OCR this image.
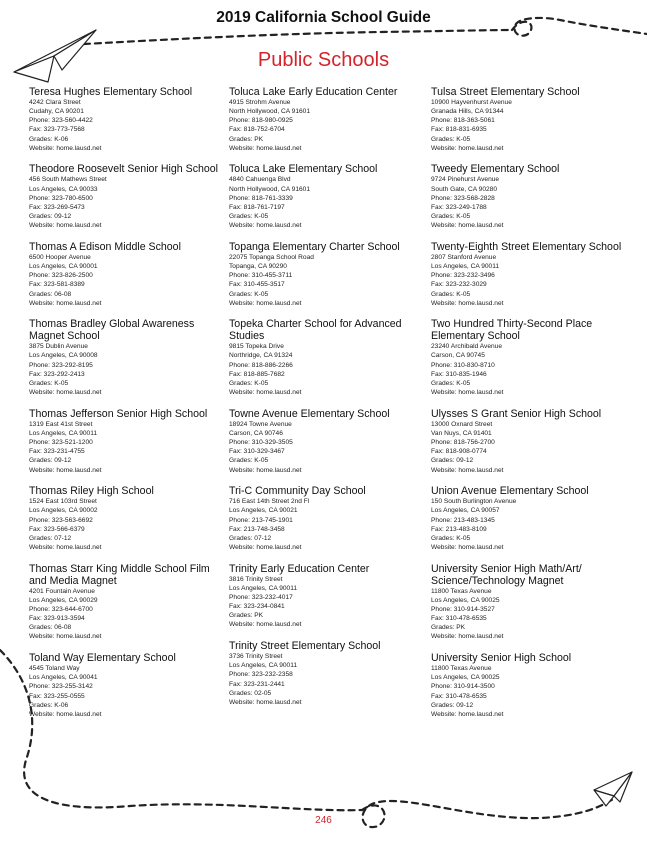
2019 California School Guide
Public Schools
Teresa Hughes Elementary School
4242 Clara Street
Cudahy, CA 90201
Phone: 323-560-4422
Fax: 323-773-7568
Grades: K-06
Website: home.lausd.net
Theodore Roosevelt Senior High School
456 South Mathews Street
Los Angeles, CA 90033
Phone: 323-780-6500
Fax: 323-269-5473
Grades: 09-12
Website: home.lausd.net
Thomas A Edison Middle School
6500 Hooper Avenue
Los Angeles, CA 90001
Phone: 323-826-2500
Fax: 323-581-8389
Grades: 06-08
Website: home.lausd.net
Thomas Bradley Global Awareness Magnet School
3875 Dublin Avenue
Los Angeles, CA 90008
Phone: 323-292-8195
Fax: 323-292-2413
Grades: K-05
Website: home.lausd.net
Thomas Jefferson Senior High School
1319 East 41st Street
Los Angeles, CA 90011
Phone: 323-521-1200
Fax: 323-231-4755
Grades: 09-12
Website: home.lausd.net
Thomas Riley High School
1524 East 103rd Street
Los Angeles, CA 90002
Phone: 323-563-6692
Fax: 323-566-6379
Grades: 07-12
Website: home.lausd.net
Thomas Starr King Middle School Film and Media Magnet
4201 Fountain Avenue
Los Angeles, CA 90029
Phone: 323-644-6700
Fax: 323-913-3594
Grades: 06-08
Website: home.lausd.net
Toland Way Elementary School
4545 Toland Way
Los Angeles, CA 90041
Phone: 323-255-3142
Fax: 323-255-0555
Grades: K-06
Website: home.lausd.net
Toluca Lake Early Education Center
4915 Strohm Avenue
North Hollywood, CA 91601
Phone: 818-980-0925
Fax: 818-752-6704
Grades: PK
Website: home.lausd.net
Toluca Lake Elementary School
4840 Cahuenga Blvd
North Hollywood, CA 91601
Phone: 818-761-3339
Fax: 818-761-7197
Grades: K-05
Website: home.lausd.net
Topanga Elementary Charter School
22075 Topanga School Road
Topanga, CA 90290
Phone: 310-455-3711
Fax: 310-455-3517
Grades: K-05
Website: home.lausd.net
Topeka Charter School for Advanced Studies
9815 Topeka Drive
Northridge, CA 91324
Phone: 818-886-2266
Fax: 818-885-7682
Grades: K-05
Website: home.lausd.net
Towne Avenue Elementary School
18924 Towne Avenue
Carson, CA 90746
Phone: 310-329-3505
Fax: 310-329-3467
Grades: K-05
Website: home.lausd.net
Tri-C Community Day School
716 East 14th Street 2nd Fl
Los Angeles, CA 90021
Phone: 213-745-1901
Fax: 213-748-3458
Grades: 07-12
Website: home.lausd.net
Trinity Early Education Center
3816 Trinity Street
Los Angeles, CA 90011
Phone: 323-232-4017
Fax: 323-234-0841
Grades: PK
Website: home.lausd.net
Trinity Street Elementary School
3736 Trinity Street
Los Angeles, CA 90011
Phone: 323-232-2358
Fax: 323-231-2441
Grades: 02-05
Website: home.lausd.net
Tulsa Street Elementary School
10900 Hayvenhurst Avenue
Granada Hills, CA 91344
Phone: 818-363-5061
Fax: 818-831-6935
Grades: K-05
Website: home.lausd.net
Tweedy Elementary School
9724 Pinehurst Avenue
South Gate, CA 90280
Phone: 323-568-2828
Fax: 323-249-1788
Grades: K-05
Website: home.lausd.net
Twenty-Eighth Street Elementary School
2807 Stanford Avenue
Los Angeles, CA 90011
Phone: 323-232-3496
Fax: 323-232-3029
Grades: K-05
Website: home.lausd.net
Two Hundred Thirty-Second Place Elementary School
23240 Archibald Avenue
Carson, CA 90745
Phone: 310-830-8710
Fax: 310-835-1946
Grades: K-05
Website: home.lausd.net
Ulysses S Grant Senior High School
13000 Oxnard Street
Van Nuys, CA 91401
Phone: 818-756-2700
Fax: 818-908-0774
Grades: 09-12
Website: home.lausd.net
Union Avenue Elementary School
150 South Burlington Avenue
Los Angeles, CA 90057
Phone: 213-483-1345
Fax: 213-483-8109
Grades: K-05
Website: home.lausd.net
University Senior High Math/Art/ Science/Technology Magnet
11800 Texas Avenue
Los Angeles, CA 90025
Phone: 310-914-3527
Fax: 310-478-6535
Grades: PK
Website: home.lausd.net
University Senior High School
11800 Texas Avenue
Los Angeles, CA 90025
Phone: 310-914-3500
Fax: 310-478-6535
Grades: 09-12
Website: home.lausd.net
246
